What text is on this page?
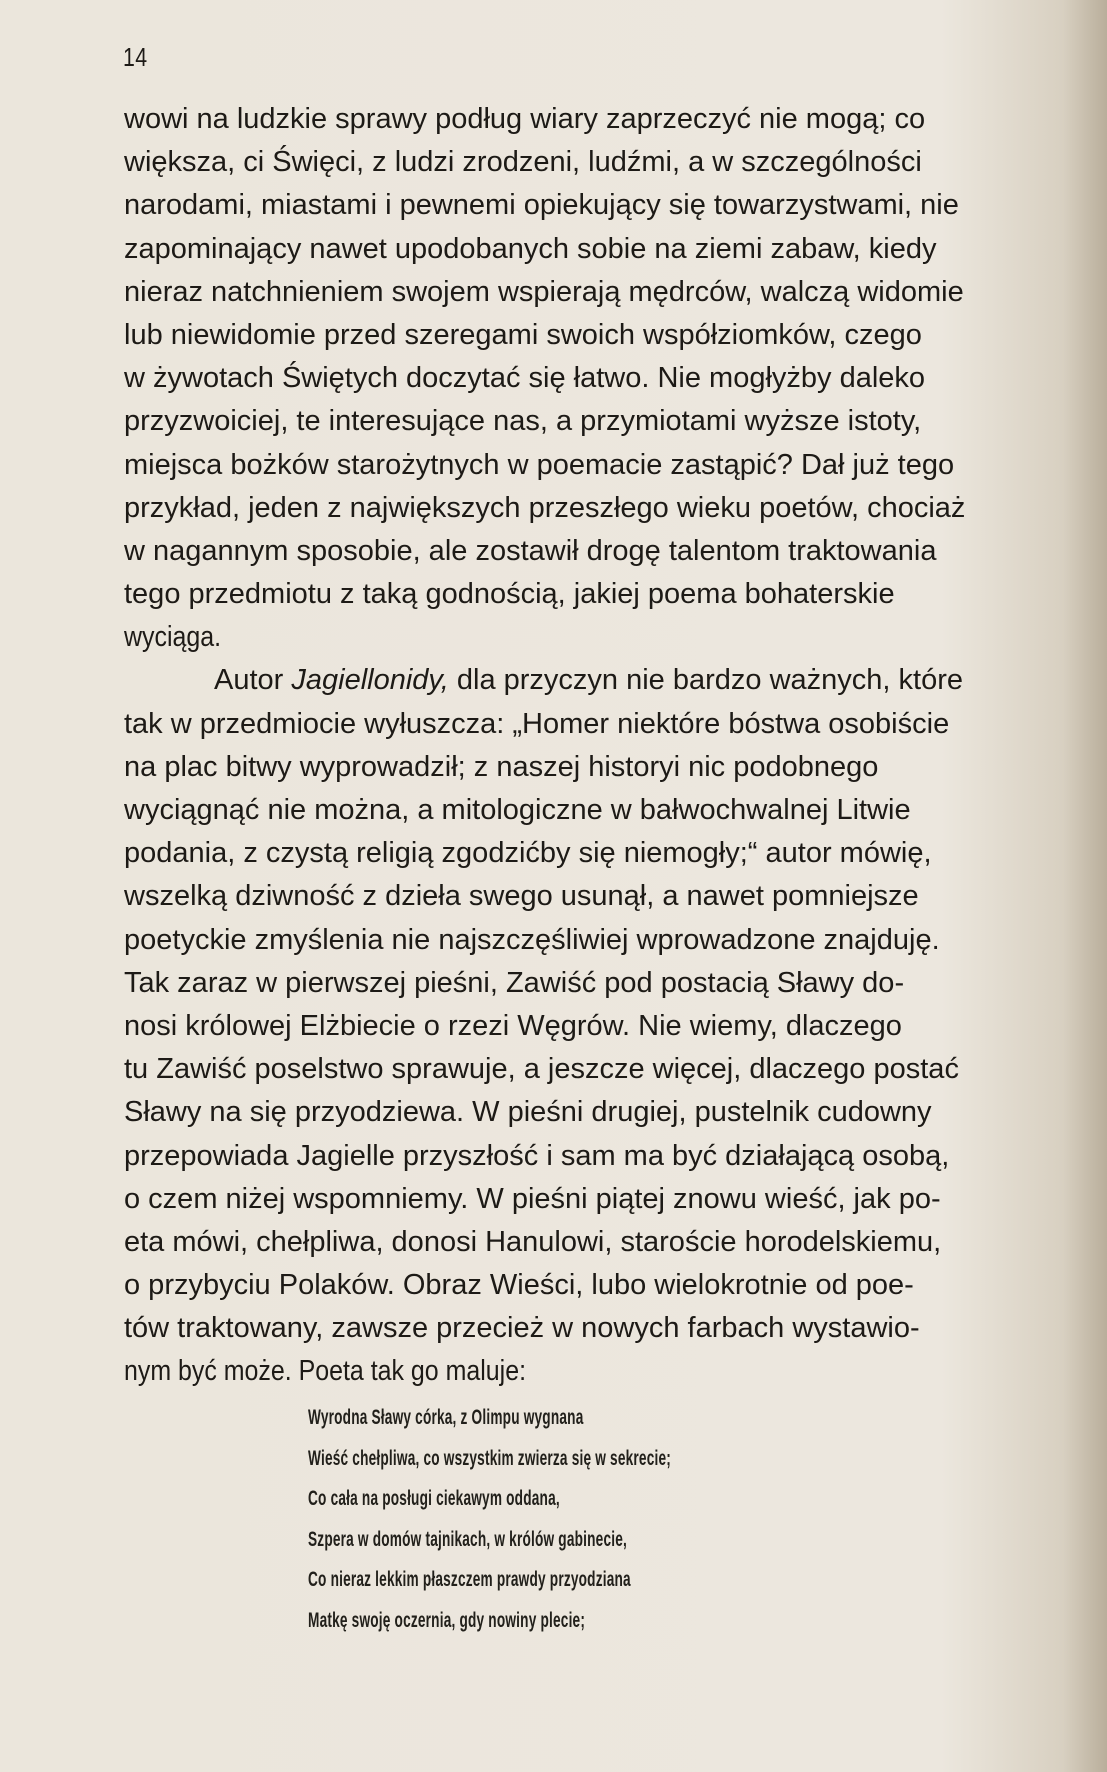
14
wowi na ludzkie sprawy podług wiary zaprzeczyć nie mogą; co
większa, ci Święci, z ludzi zrodzeni, ludźmi, a w szczególności
narodami, miastami i pewnemi opiekujący się towarzystwami, nie
zapominający nawet upodobanych sobie na ziemi zabaw, kiedy
nieraz natchnieniem swojem wspierają mędrców, walczą widomie
lub niewidomie przed szeregami swoich współziomków, czego
w żywotach Świętych doczytać się łatwo. Nie mogłyżby daleko
przyzwoiciej, te interesujące nas, a przymiotami wyższe istoty,
miejsca bożków starożytnych w poemacie zastąpić? Dał już tego
przykład, jeden z największych przeszłego wieku poetów, chociaż
w nagannym sposobie, ale zostawił drogę talentom traktowania
tego przedmiotu z taką godnością, jakiej poema bohaterskie
wyciąga.
Autor Jagiellonidy, dla przyczyn nie bardzo ważnych, które
tak w przedmiocie wyłuszcza: „Homer niektóre bóstwa osobiście
na plac bitwy wyprowadził; z naszej historyi nic podobnego
wyciągnąć nie można, a mitologiczne w bałwochwalnej Litwie
podania, z czystą religią zgodzićby się niemogły;“ autor mówię,
wszelką dziwność z dzieła swego usunął, a nawet pomniejsze
poetyckie zmyślenia nie najszczęśliwiej wprowadzone znajduję.
Tak zaraz w pierwszej pieśni, Zawiść pod postacią Sławy do-
nosi królowej Elżbiecie o rzezi Węgrów. Nie wiemy, dlaczego
tu Zawiść poselstwo sprawuje, a jeszcze więcej, dlaczego postać
Sławy na się przyodziewa. W pieśni drugiej, pustelnik cudowny
przepowiada Jagielle przyszłość i sam ma być działającą osobą,
o czem niżej wspomniemy. W pieśni piątej znowu wieść, jak po-
eta mówi, chełpliwa, donosi Hanulowi, staroście horodelskiemu,
o przybyciu Polaków. Obraz Wieści, lubo wielokrotnie od poe-
tów traktowany, zawsze przecież w nowych farbach wystawio-
nym być może. Poeta tak go maluje:
Wyrodna Sławy córka, z Olimpu wygnana
Wieść chełpliwa, co wszystkim zwierza się w sekrecie;
Co cała na posługi ciekawym oddana,
Szpera w domów tajnikach, w królów gabinecie,
Co nieraz lekkim płaszczem prawdy przyodziana
Matkę swoję oczernia, gdy nowiny plecie;
